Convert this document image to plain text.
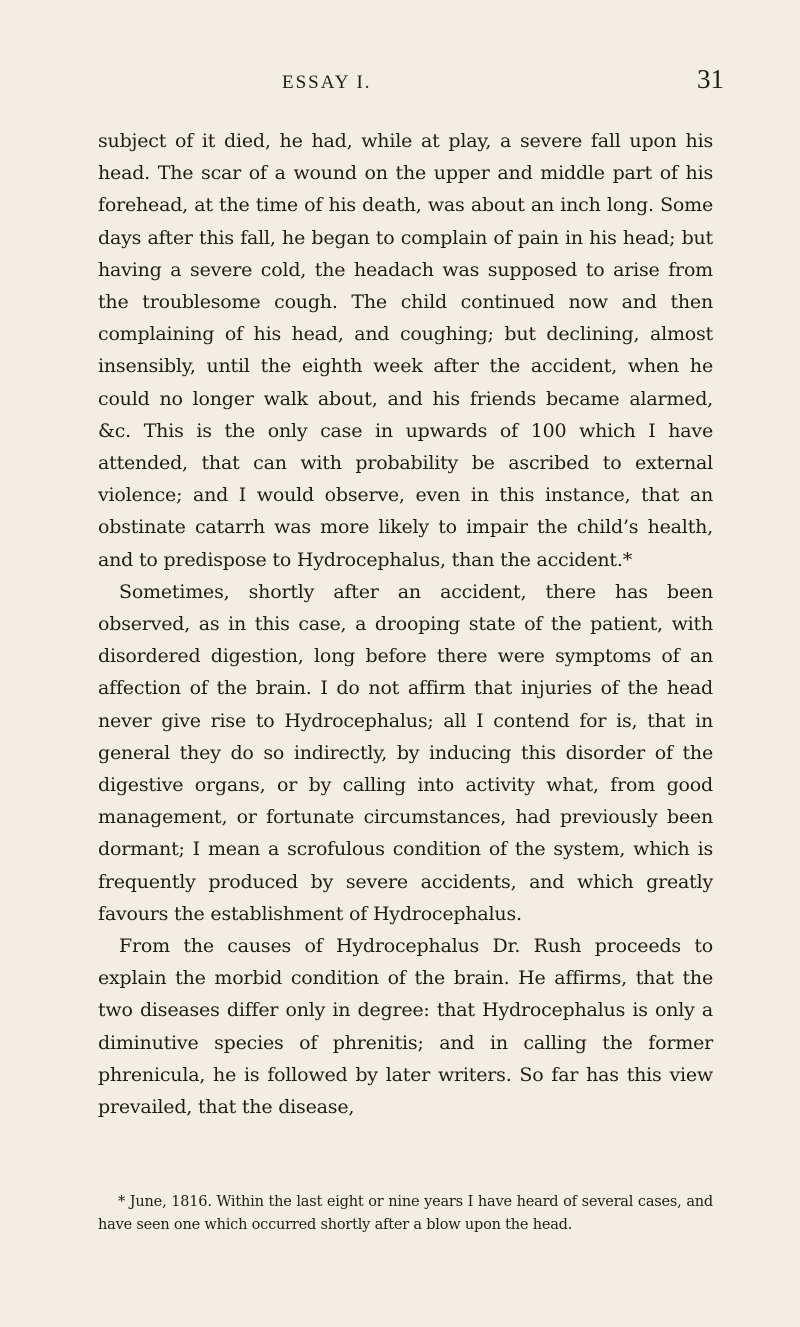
ESSAY I.	31

subject of it died, he had, while at play, a severe fall upon his head. The scar of a wound on the upper and middle part of his forehead, at the time of his death, was about an inch long. Some days after this fall, he began to complain of pain in his head; but having a severe cold, the headach was supposed to arise from the troublesome cough. The child continued now and then complaining of his head, and coughing; but declining, almost insensibly, until the eighth week after the accident, when he could no longer walk about, and his friends became alarmed, &c. This is the only case in upwards of 100 which I have attended, that can with probability be ascribed to external violence; and I would observe, even in this instance, that an obstinate catarrh was more likely to impair the child’s health, and to predispose to Hydrocephalus, than the accident.*

Sometimes, shortly after an accident, there has been observed, as in this case, a drooping state of the patient, with disordered digestion, long before there were symptoms of an affection of the brain. I do not affirm that injuries of the head never give rise to Hydrocephalus; all I contend for is, that in general they do so indirectly, by inducing this disorder of the digestive organs, or by calling into activity what, from good management, or fortunate circumstances, had previously been dormant; I mean a scrofulous condition of the system, which is frequently produced by severe accidents, and which greatly favours the establishment of Hydrocephalus.

From the causes of Hydrocephalus Dr. Rush proceeds to explain the morbid condition of the brain. He affirms, that the two diseases differ only in degree: that Hydrocephalus is only a diminutive species of phrenitis; and in calling the former phrenicula, he is followed by later writers. So far has this view prevailed, that the disease,

* June, 1816. Within the last eight or nine years I have heard of several cases, and have seen one which occurred shortly after a blow upon the head.
